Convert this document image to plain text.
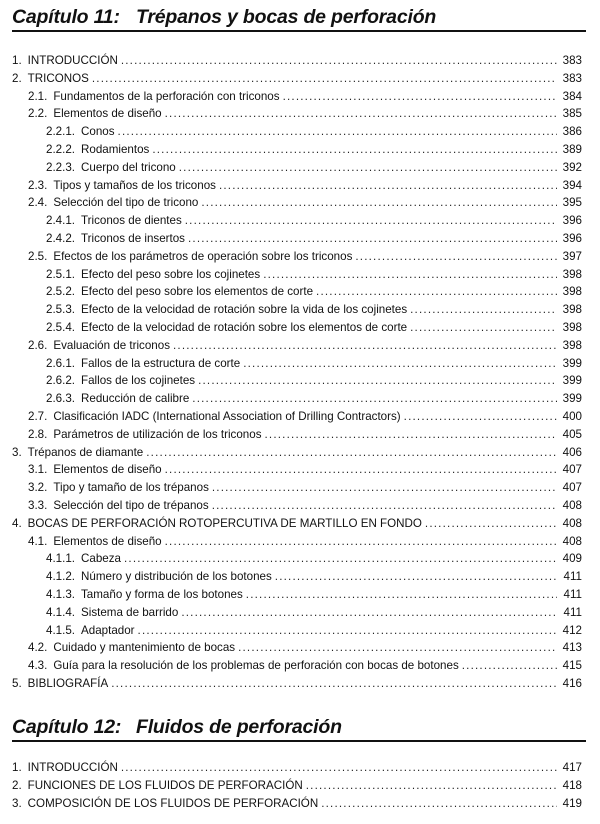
Capítulo 11: Trépanos y bocas de perforación
1. INTRODUCCIÓN .....	383
2. TRICONOS .....	383
2.1. Fundamentos de la perforación con triconos .....	384
2.2. Elementos de diseño .....	385
2.2.1. Conos .....	386
2.2.2. Rodamientos .....	389
2.2.3. Cuerpo del tricono .....	392
2.3. Tipos y tamaños de los triconos .....	394
2.4. Selección del tipo de tricono .....	395
2.4.1. Triconos de dientes .....	396
2.4.2. Triconos de insertos .....	396
2.5. Efectos de los parámetros de operación sobre los triconos .....	397
2.5.1. Efecto del peso sobre los cojinetes .....	398
2.5.2. Efecto del peso sobre los elementos de corte .....	398
2.5.3. Efecto de la velocidad de rotación sobre la vida de los cojinetes .....	398
2.5.4. Efecto de la velocidad de rotación sobre los elementos de corte .....	398
2.6. Evaluación de triconos .....	398
2.6.1. Fallos de la estructura de corte .....	399
2.6.2. Fallos de los cojinetes .....	399
2.6.3. Reducción de calibre .....	399
2.7. Clasificación IADC (International Association of Drilling Contractors) .....	400
2.8. Parámetros de utilización de los triconos .....	405
3. Trépanos de diamante .....	406
3.1. Elementos de diseño .....	407
3.2. Tipo y tamaño de los trépanos .....	407
3.3. Selección del tipo de trépanos .....	408
4. BOCAS DE PERFORACIÓN ROTOPERCUTIVA DE MARTILLO EN FONDO .....	408
4.1. Elementos de diseño .....	408
4.1.1. Cabeza .....	409
4.1.2. Número y distribución de los botones .....	411
4.1.3. Tamaño y forma de los botones .....	411
4.1.4. Sistema de barrido .....	411
4.1.5. Adaptador .....	412
4.2. Cuidado y mantenimiento de bocas .....	413
4.3. Guía para la resolución de los problemas de perforación con bocas de botones .....	415
5. BIBLIOGRAFÍA .....	416
Capítulo 12: Fluidos de perforación
1. INTRODUCCIÓN .....	417
2. FUNCIONES DE LOS FLUIDOS DE PERFORACIÓN .....	418
3. COMPOSICIÓN DE LOS FLUIDOS DE PERFORACIÓN .....	419
